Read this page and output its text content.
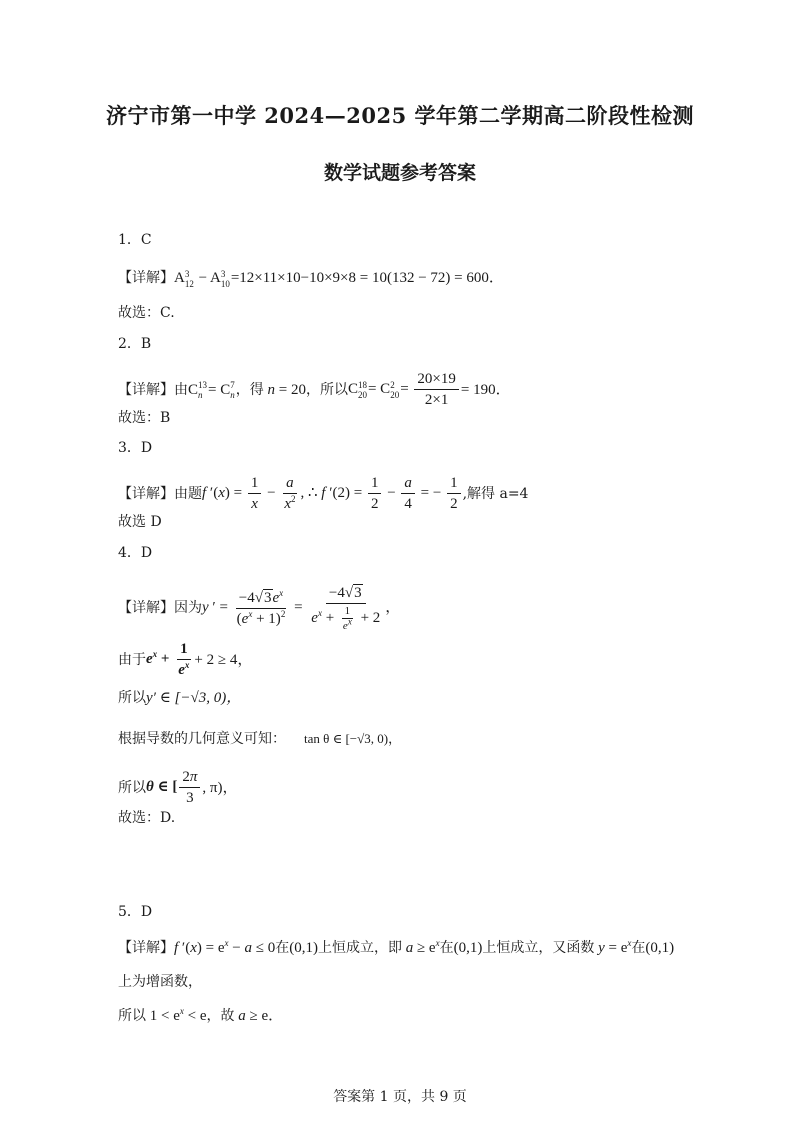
济宁市第一中学 2024—2025 学年第二学期高二阶段性检测
数学试题参考答案
1．C
【详解】 A 3
12 − A 3
10 =12×11×10−10×9×8 = 10(132 − 72) = 600．
故选：C.
2．B
【详解】 由 C 13
n = C 7
n ，得 n = 20 ，所以 C 18
20 = C 2
$20 = \frac{20\times 19}{2\times 1} = 190$．
故选：B
3．D
【详解】 由题 f $'(x) = \frac{1}{x} - \frac{a}{x^2}$ , ∴ f $'(2) = \frac{1}{2} - \frac{a}{4}$ = − $\frac{1}{2}$ ,解得 a=4
故选 D
4．D
【详解】 因为 y ′ = $\frac{-4√3e^x}{(e^x + 1)^2} = \frac{-4√3}{e^x + \frac{1}{e^x} + 2}$ ，
由于 $e^x + \frac{1}{e^x} + 2 \ge 4$，
所以 y′ ∈ [−√3, 0)，
根据导数的几何意义可知： tan θ ∈ [−√3, 0)，
所以 θ ∈ [ $\frac{2\pi}{3}$ , π)，
故选：D.
5．D
【详解】 f $'(x) = e^x - a \le 0$ 在 (0,1) 上恒成立，即 $a \ge e^x$ 在 (0,1) 上恒成立，又函数 $y = e^x$ 在 (0,1)
上为增函数，
所以 $1 < e^x < e$ ，故 a ≥ e．
答案第 1 页，共 9 页
